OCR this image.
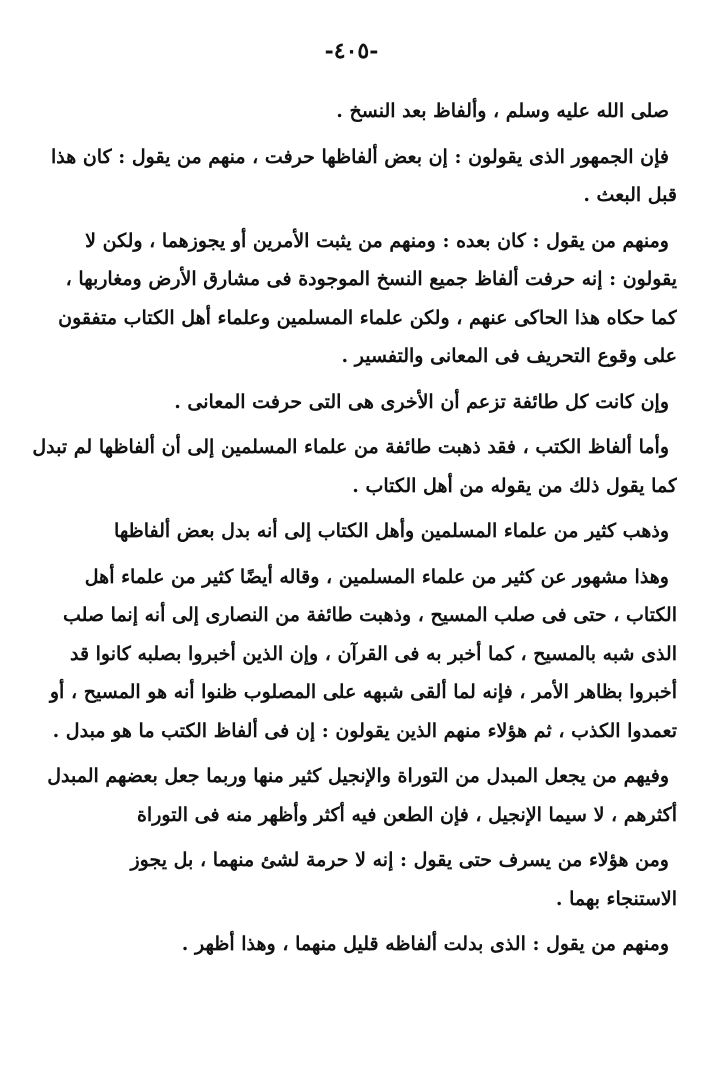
-٤٠٥-
صلى الله عليه وسلم ، وألفاظ بعد النسخ .
فإن الجمهور الذى يقولون : إن بعض ألفاظها حرفت ، منهم من يقول : كان هذا
قبل البعث .
ومنهم من يقول : كان بعده : ومنهم من يثبت الأمرين أو يجوزهما ، ولكن لا
يقولون : إنه حرفت ألفاظ جميع النسخ الموجودة فى مشارق الأرض ومغاربها ،
كما حكاه هذا الحاكى عنهم ، ولكن علماء المسلمين وعلماء أهل الكتاب متفقون
على وقوع التحريف فى المعانى والتفسير .
وإن كانت كل طائفة تزعم أن الأخرى هى التى حرفت المعانى .
وأما ألفاظ الكتب ، فقد ذهبت طائفة من علماء المسلمين إلى أن ألفاظها لم تبدل
كما يقول ذلك من يقوله من أهل الكتاب .
وذهب كثير من علماء المسلمين وأهل الكتاب إلى أنه بدل بعض ألفاظها
وهذا مشهور عن كثير من علماء المسلمين ، وقاله أيضًا كثير من علماء أهل
الكتاب ، حتى فى صلب المسيح ، وذهبت طائفة من النصارى إلى أنه إنما صلب
الذى شبه بالمسيح ، كما أخبر به فى القرآن ، وإن الذين أخبروا بصلبه كانوا قد
أخبروا بظاهر الأمر ، فإنه لما ألقى شبهه على المصلوب ظنوا أنه هو المسيح ، أو
تعمدوا الكذب ، ثم هؤلاء منهم الذين يقولون : إن فى ألفاظ الكتب ما هو مبدل .
وفيهم من يجعل المبدل من التوراة والإنجيل كثير منها وربما جعل بعضهم المبدل
أكثرهم ، لا سيما الإنجيل ، فإن الطعن فيه أكثر وأظهر منه فى التوراة
ومن هؤلاء من يسرف حتى يقول : إنه لا حرمة لشئ منهما ، بل يجوز
الاستنجاء بهما .
ومنهم من يقول : الذى بدلت ألفاظه قليل منهما ، وهذا أظهر .
